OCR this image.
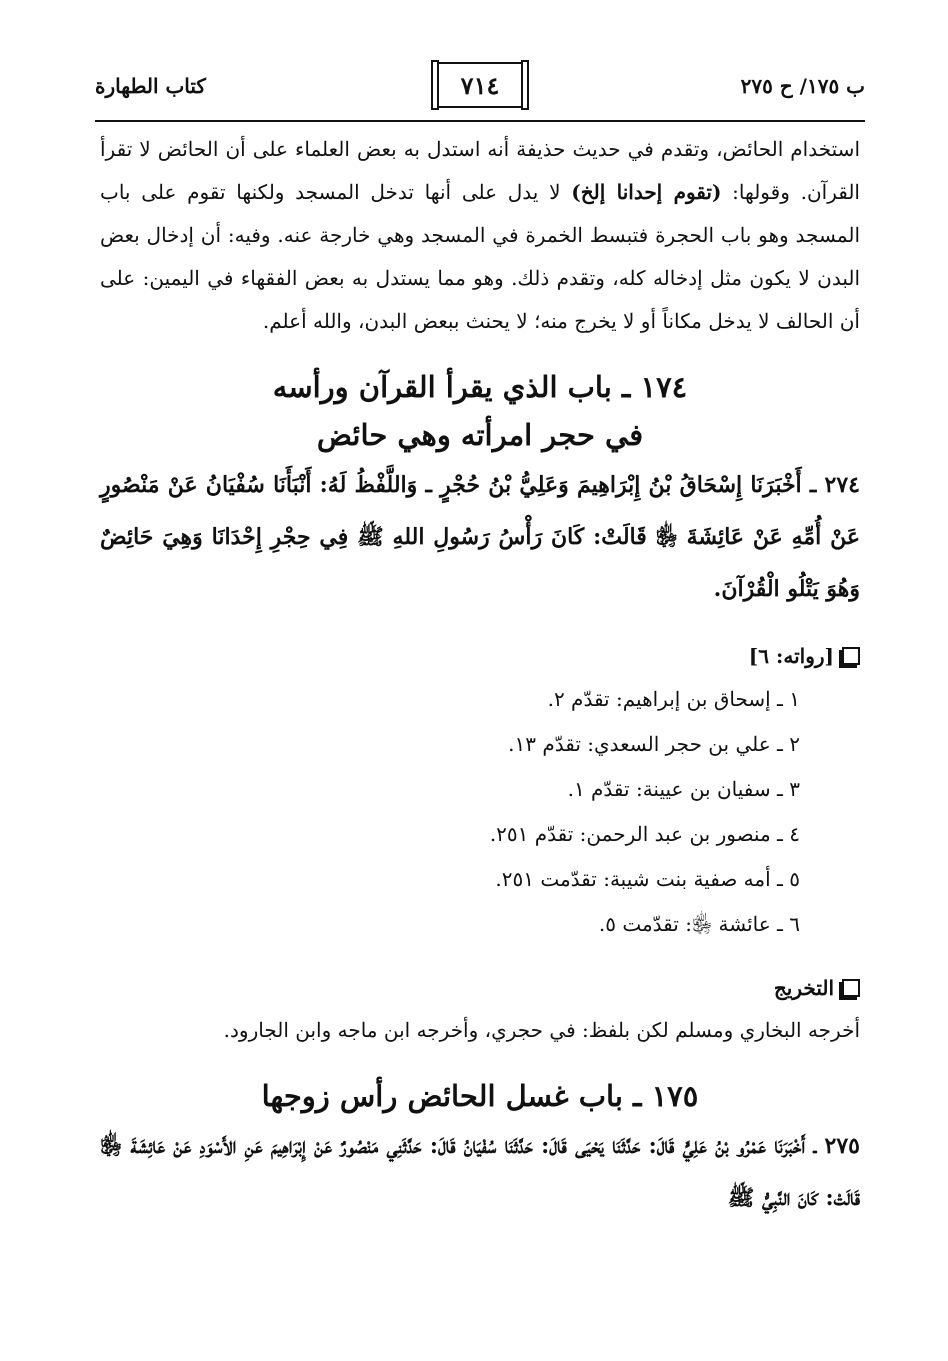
ب ١٧٥/ ح ٢٧٥
٧١٤
كتاب الطهارة

استخدام الحائض، وتقدم في حديث حذيفة أنه استدل به بعض العلماء على أن الحائض لا تقرأ القرآن. وقولها: (تقوم إحدانا إلخ) لا يدل على أنها تدخل المسجد ولكنها تقوم على باب المسجد وهو باب الحجرة فتبسط الخمرة في المسجد وهي خارجة عنه. وفيه: أن إدخال بعض البدن لا يكون مثل إدخاله كله، وتقدم ذلك. وهو مما يستدل به بعض الفقهاء في اليمين: على أن الحالف لا يدخل مكاناً أو لا يخرج منه؛ لا يحنث ببعض البدن، والله أعلم.

١٧٤ ـ باب الذي يقرأ القرآن ورأسه
في حجر امرأته وهي حائض

٢٧٤ ـ أَخْبَرَنَا إِسْحَاقُ بْنُ إِبْرَاهِيمَ وَعَلِيُّ بْنُ حُجْرٍ ـ وَاللَّفْظُ لَهُ: أَنْبَأَنَا سُفْيَانُ عَنْ مَنْصُورٍ عَنْ أُمِّهِ عَنْ عَائِشَةَ ﵂ قَالَتْ: كَانَ رَأْسُ رَسُولِ اللهِ ﷺ فِي حِجْرِ إِحْدَانَا وَهِيَ حَائِضٌ وَهُوَ يَتْلُو الْقُرْآنَ.

[رواته: ٦]
١ ـ إسحاق بن إبراهيم: تقدّم ٢.
٢ ـ علي بن حجر السعدي: تقدّم ١٣.
٣ ـ سفيان بن عيينة: تقدّم ١.
٤ ـ منصور بن عبد الرحمن: تقدّم ٢٥١.
٥ ـ أمه صفية بنت شيبة: تقدّمت ٢٥١.
٦ ـ عائشة ﵂: تقدّمت ٥.
التخريج

أخرجه البخاري ومسلم لكن بلفظ: في حجري، وأخرجه ابن ماجه وابن الجارود.

١٧٥ ـ باب غسل الحائض رأس زوجها

٢٧٥ ـ أَخْبَرَنَا عَمْرُو بْنُ عَلِيٍّ قَالَ: حَدَّثَنَا يَحْيَى قَالَ: حَدَّثَنَا سُفْيَانُ قَالَ: حَدَّثَنِي مَنْصُورٌ عَنْ إِبْرَاهِيمَ عَنِ الأَسْوَدِ عَنْ عَائِشَةَ ﵂ قَالَتْ: كَانَ النَّبِيُّ ﷺ
